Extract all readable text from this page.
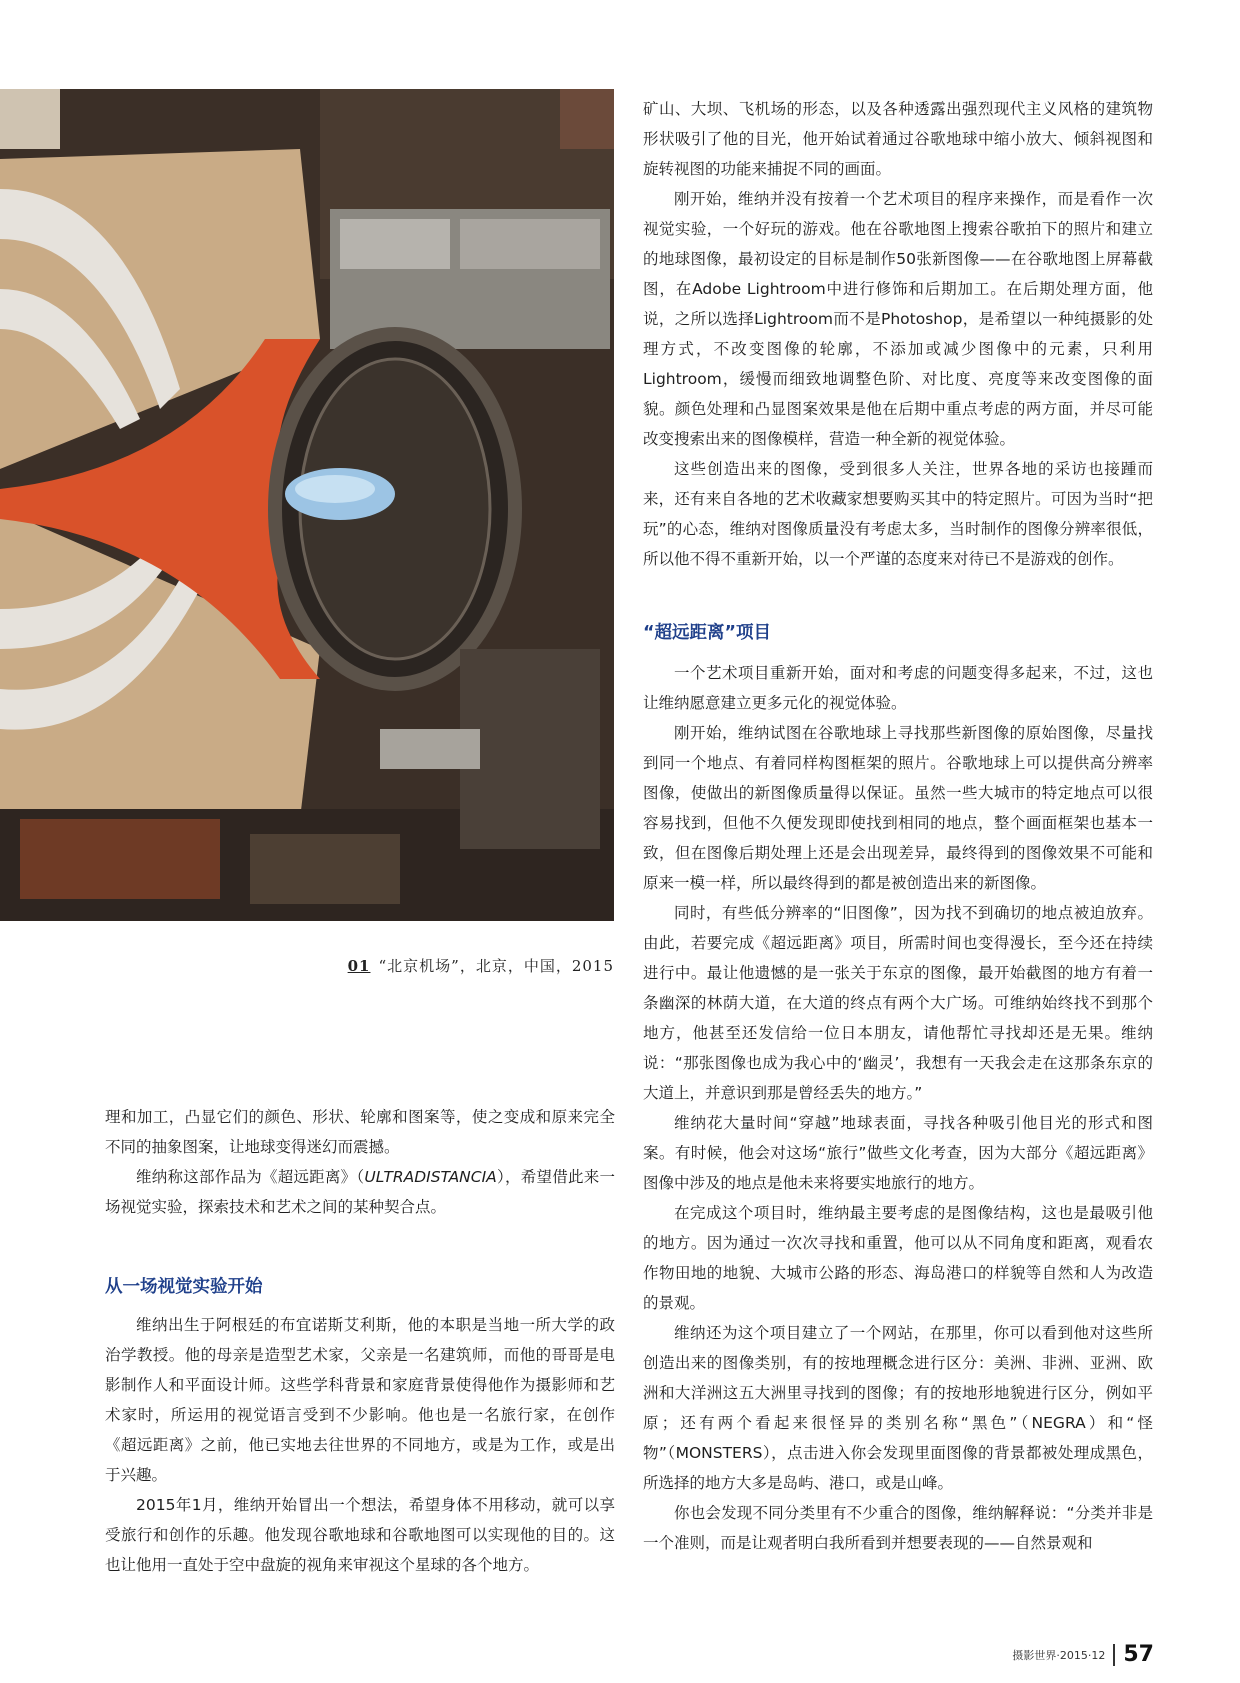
01 “北京机场”，北京，中国，2015

理和加工，凸显它们的颜色、形状、轮廓和图案等，使之变成和原来完全不同的抽象图案，让地球变得迷幻而震撼。

维纳称这部作品为《超远距离》（ULTRADISTANCIA），希望借此来一场视觉实验，探索技术和艺术之间的某种契合点。

从一场视觉实验开始

维纳出生于阿根廷的布宜诺斯艾利斯，他的本职是当地一所大学的政治学教授。他的母亲是造型艺术家，父亲是一名建筑师，而他的哥哥是电影制作人和平面设计师。这些学科背景和家庭背景使得他作为摄影师和艺术家时，所运用的视觉语言受到不少影响。他也是一名旅行家，在创作《超远距离》之前，他已实地去往世界的不同地方，或是为工作，或是出于兴趣。

2015年1月，维纳开始冒出一个想法，希望身体不用移动，就可以享受旅行和创作的乐趣。他发现谷歌地球和谷歌地图可以实现他的目的。这也让他用一直处于空中盘旋的视角来审视这个星球的各个地方。

矿山、大坝、飞机场的形态，以及各种透露出强烈现代主义风格的建筑物形状吸引了他的目光，他开始试着通过谷歌地球中缩小放大、倾斜视图和旋转视图的功能来捕捉不同的画面。

刚开始，维纳并没有按着一个艺术项目的程序来操作，而是看作一次视觉实验，一个好玩的游戏。他在谷歌地图上搜索谷歌拍下的照片和建立的地球图像，最初设定的目标是制作50张新图像——在谷歌地图上屏幕截图，在Adobe Lightroom中进行修饰和后期加工。在后期处理方面，他说，之所以选择Lightroom而不是Photoshop，是希望以一种纯摄影的处理方式，不改变图像的轮廓，不添加或减少图像中的元素，只利用Lightroom，缓慢而细致地调整色阶、对比度、亮度等来改变图像的面貌。颜色处理和凸显图案效果是他在后期中重点考虑的两方面，并尽可能改变搜索出来的图像模样，营造一种全新的视觉体验。

这些创造出来的图像，受到很多人关注，世界各地的采访也接踵而来，还有来自各地的艺术收藏家想要购买其中的特定照片。可因为当时“把玩”的心态，维纳对图像质量没有考虑太多，当时制作的图像分辨率很低，所以他不得不重新开始，以一个严谨的态度来对待已不是游戏的创作。

“超远距离”项目

一个艺术项目重新开始，面对和考虑的问题变得多起来，不过，这也让维纳愿意建立更多元化的视觉体验。

刚开始，维纳试图在谷歌地球上寻找那些新图像的原始图像，尽量找到同一个地点、有着同样构图框架的照片。谷歌地球上可以提供高分辨率图像，使做出的新图像质量得以保证。虽然一些大城市的特定地点可以很容易找到，但他不久便发现即使找到相同的地点，整个画面框架也基本一致，但在图像后期处理上还是会出现差异，最终得到的图像效果不可能和原来一模一样，所以最终得到的都是被创造出来的新图像。

同时，有些低分辨率的“旧图像”，因为找不到确切的地点被迫放弃。由此，若要完成《超远距离》项目，所需时间也变得漫长，至今还在持续进行中。最让他遗憾的是一张关于东京的图像，最开始截图的地方有着一条幽深的林荫大道，在大道的终点有两个大广场。可维纳始终找不到那个地方，他甚至还发信给一位日本朋友，请他帮忙寻找却还是无果。维纳说：“那张图像也成为我心中的‘幽灵’，我想有一天我会走在这那条东京的大道上，并意识到那是曾经丢失的地方。”

维纳花大量时间“穿越”地球表面，寻找各种吸引他目光的形式和图案。有时候，他会对这场“旅行”做些文化考查，因为大部分《超远距离》图像中涉及的地点是他未来将要实地旅行的地方。

在完成这个项目时，维纳最主要考虑的是图像结构，这也是最吸引他的地方。因为通过一次次寻找和重置，他可以从不同角度和距离，观看农作物田地的地貌、大城市公路的形态、海岛港口的样貌等自然和人为改造的景观。

维纳还为这个项目建立了一个网站，在那里，你可以看到他对这些所创造出来的图像类别，有的按地理概念进行区分：美洲、非洲、亚洲、欧洲和大洋洲这五大洲里寻找到的图像；有的按地形地貌进行区分，例如平原；还有两个看起来很怪异的类别名称“黑色”（NEGRA）和“怪物”（MONSTERS），点击进入你会发现里面图像的背景都被处理成黑色，所选择的地方大多是岛屿、港口，或是山峰。

你也会发现不同分类里有不少重合的图像，维纳解释说：“分类并非是一个准则，而是让观者明白我所看到并想要表现的——自然景观和

摄影世界·2015·12 57
